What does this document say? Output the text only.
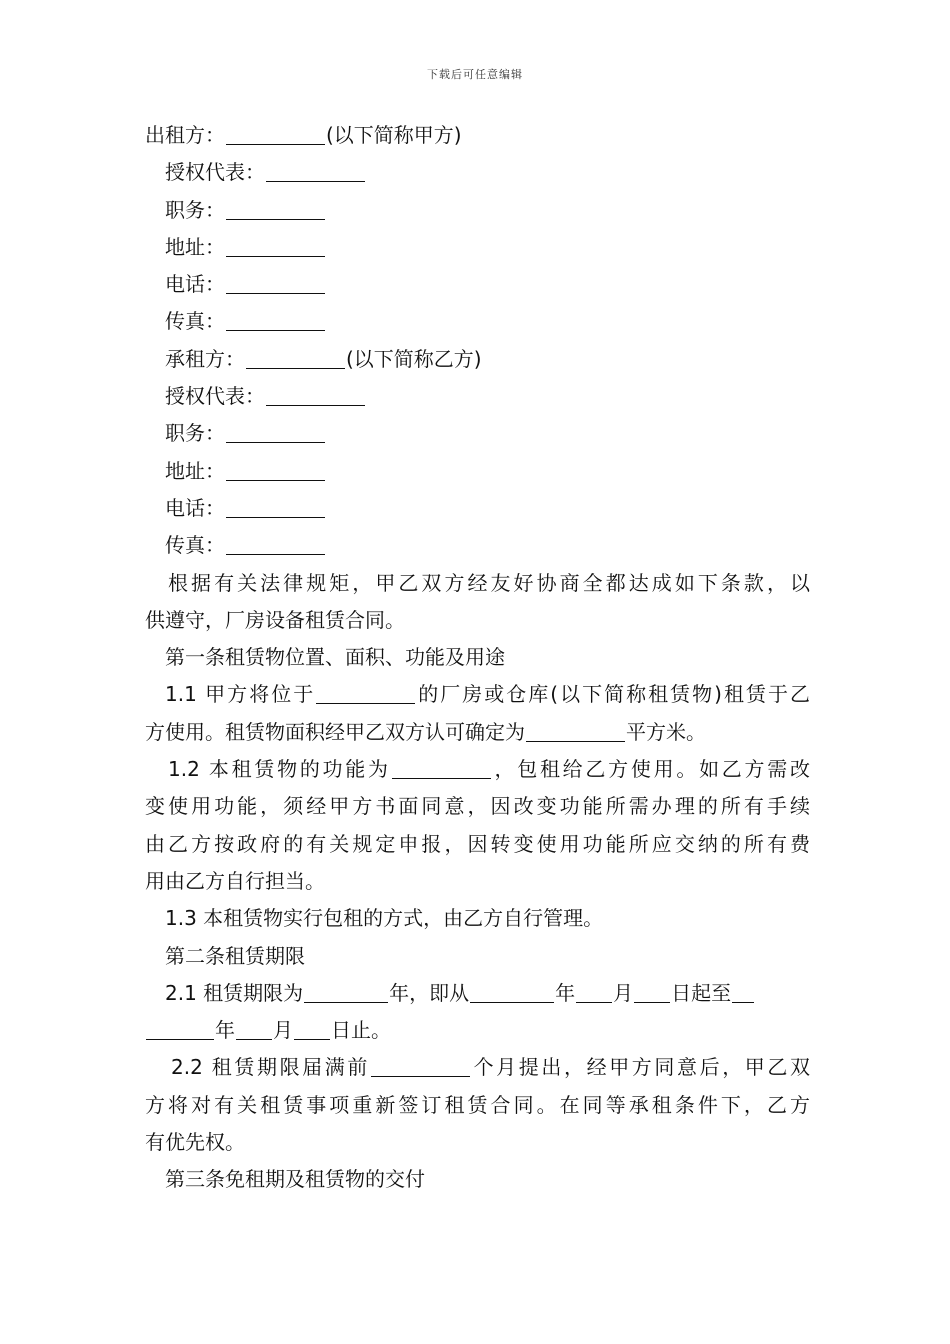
下载后可任意编辑
出租方：	(以下简称甲方)
授权代表：
职务：
地址：
电话：
传真：
承租方：	(以下简称乙方)
授权代表：
职务：
地址：
电话：
传真：
根据有关法律规矩，甲乙双方经友好协商全都达成如下条款，以
供遵守，厂房设备租赁合同。
第一条租赁物位置、面积、功能及用途
1.1 甲方将位于	的厂房或仓库(以下简称租赁物)租赁于乙
方使用。租赁物面积经甲乙双方认可确定为	平方米。
1.2 本租赁物的功能为	，包租给乙方使用。如乙方需改
变使用功能，须经甲方书面同意，因改变功能所需办理的所有手续
由乙方按政府的有关规定申报，因转变使用功能所应交纳的所有费
用由乙方自行担当。
1.3 本租赁物实行包租的方式，由乙方自行管理。
第二条租赁期限
2.1 租赁期限为	年，即从	年 月 日起至
年 月 日止。
2.2 租赁期限届满前	个月提出，经甲方同意后，甲乙双
方将对有关租赁事项重新签订租赁合同。在同等承租条件下，乙方
有优先权。
第三条免租期及租赁物的交付
